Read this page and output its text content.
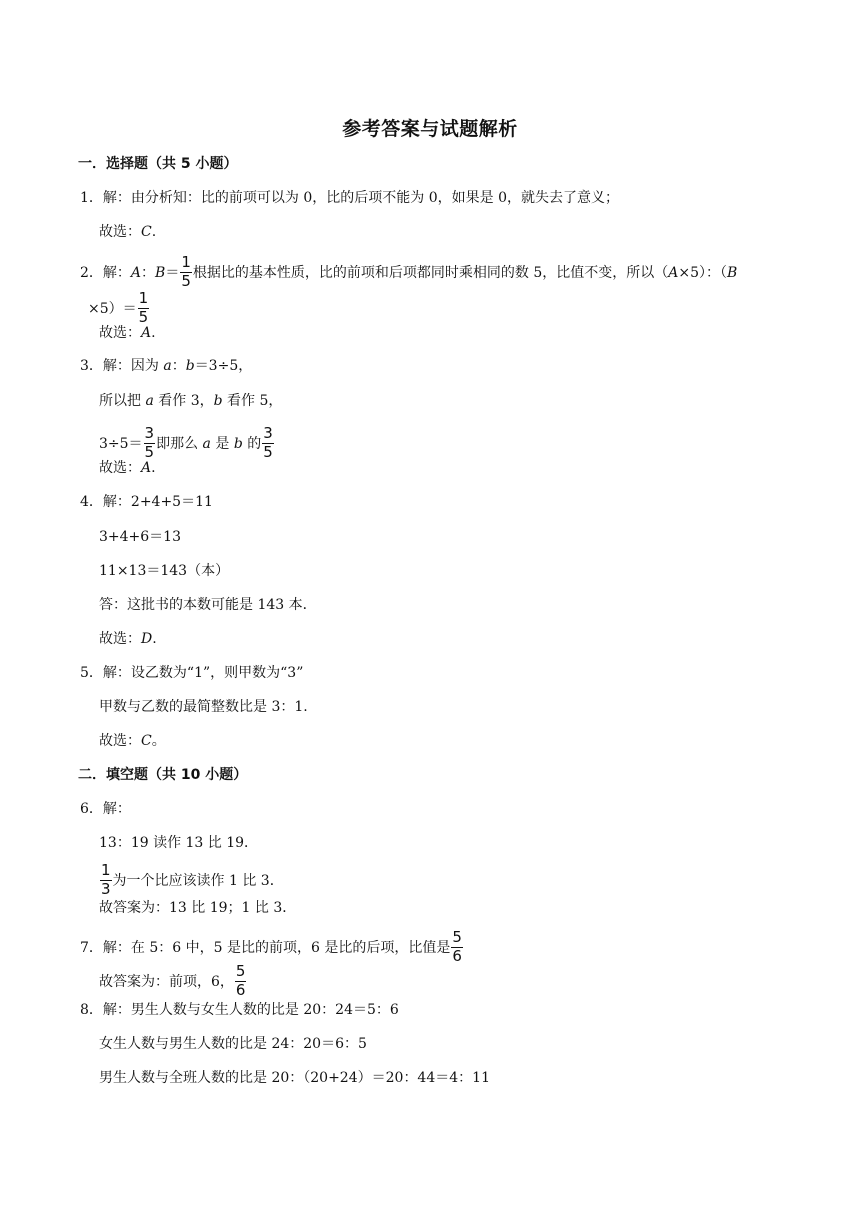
参考答案与试题解析
一．选择题（共 5 小题）
1．解：由分析知：比的前项可以为 0，比的后项不能为 0，如果是 0，就失去了意义；
故选：C.
2．解：A：$B= \frac{1}{5}$ 根据比的基本性质，比的前项和后项都同时乘相同的数 5，比值不变，所以（A×5）：（B
$\times 5)= \frac{1}{5}$
故选：A.
3．解：因为 a：b＝3÷5，
所以把 a 看作 3，b 看作 5，
$3\div 5= \frac{3}{5}$ 即那么 a 是 b 的 $\frac{3}{5}$
故选：A.
4．解：2+4+5＝11
3+4+6＝13
11×13＝143（本）
答：这批书的本数可能是 143 本．
故选：D.
5．解：设乙数为“1”，则甲数为“3”
甲数与乙数的最简整数比是 3：1.
故选：C。
二．填空题（共 10 小题）
6．解：
13：19 读作 13 比 19．
$\frac{1}{3}$ 为一个比应该读作 1 比 3．
故答案为：13 比 19；1 比 3．
7．解：在 5：6 中，5 是比的前项，6 是比的后项，比值是 $\frac{5}{6}$
故答案为：前项，6， $\frac{5}{6}$
8．解：男生人数与女生人数的比是 20：24＝5：6
女生人数与男生人数的比是 24：20＝6：5
男生人数与全班人数的比是 20：（20+24）＝20：44＝4：11
